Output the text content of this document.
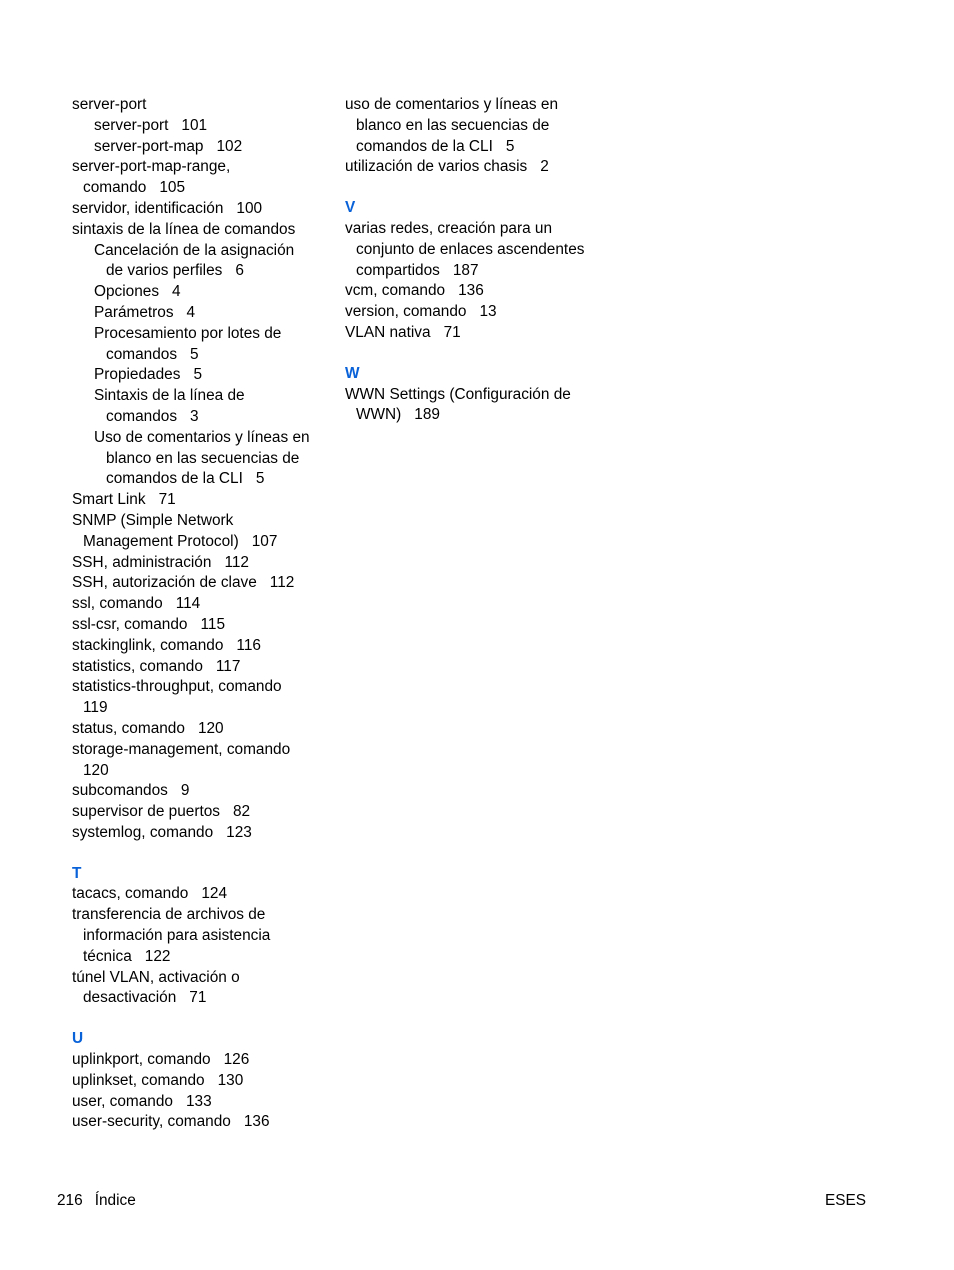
server-port
server-port 101
server-port-map 102
server-port-map-range,
comando 105
servidor, identificación 100
sintaxis de la línea de comandos
Cancelación de la asignación
de varios perfiles 6
Opciones 4
Parámetros 4
Procesamiento por lotes de
comandos 5
Propiedades 5
Sintaxis de la línea de
comandos 3
Uso de comentarios y líneas en
blanco en las secuencias de
comandos de la CLI 5
Smart Link 71
SNMP (Simple Network
Management Protocol) 107
SSH, administración 112
SSH, autorización de clave 112
ssl, comando 114
ssl-csr, comando 115
stackinglink, comando 116
statistics, comando 117
statistics-throughput, comando
119
status, comando 120
storage-management, comando
120
subcomandos 9
supervisor de puertos 82
systemlog, comando 123
T
tacacs, comando 124
transferencia de archivos de
información para asistencia
técnica 122
túnel VLAN, activación o
desactivación 71
U
uplinkport, comando 126
uplinkset, comando 130
user, comando 133
user-security, comando 136
uso de comentarios y líneas en
blanco en las secuencias de
comandos de la CLI 5
utilización de varios chasis 2
V
varias redes, creación para un
conjunto de enlaces ascendentes
compartidos 187
vcm, comando 136
version, comando 13
VLAN nativa 71
W
WWN Settings (Configuración de
WWN) 189
216 Índice	ESES
